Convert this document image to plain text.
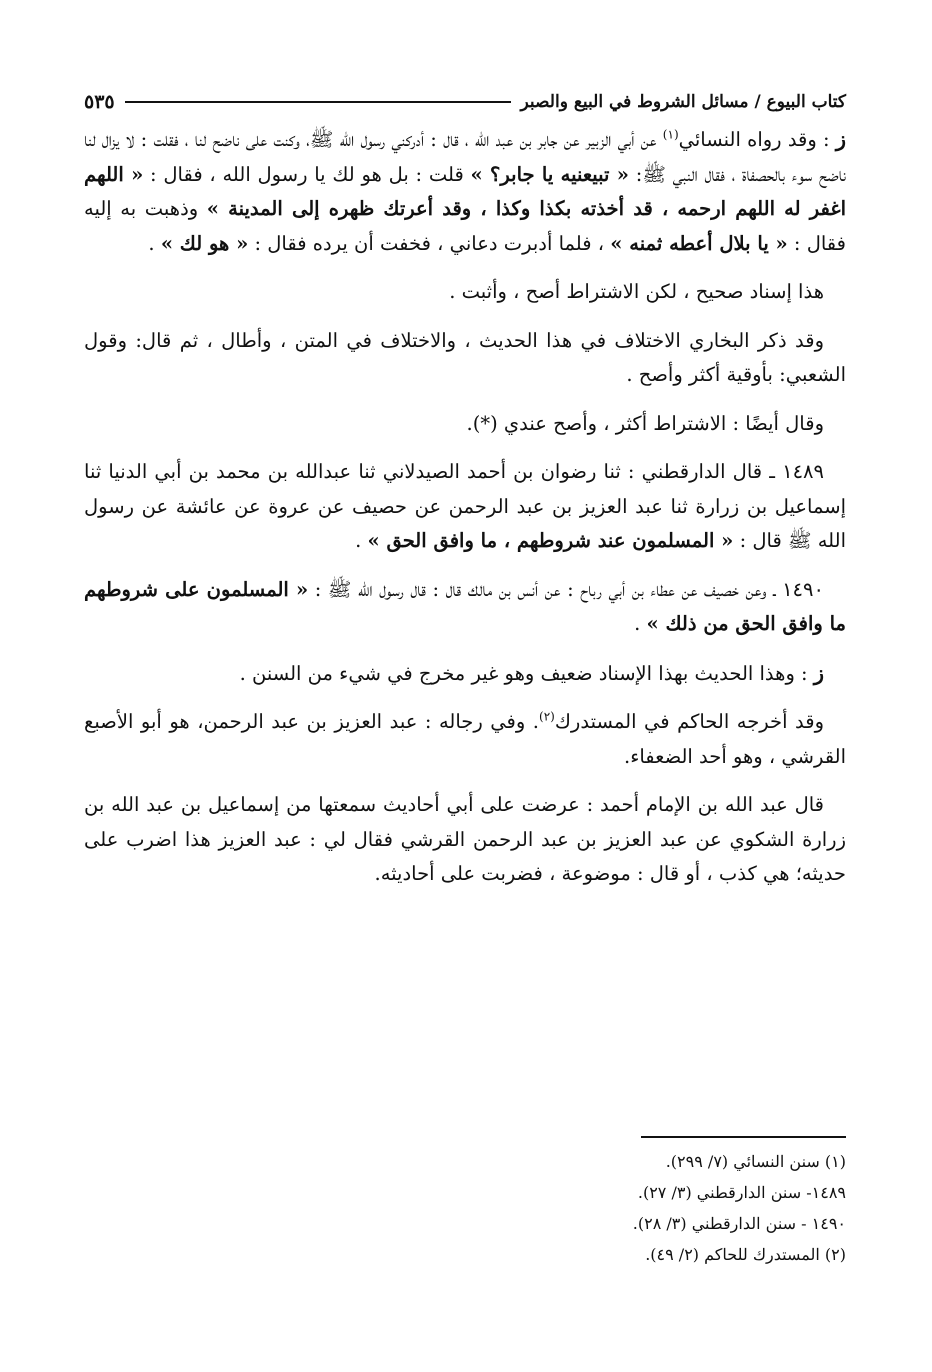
كتاب البيوع / مسائل الشروط في البيع والصبر
٥٣٥

ز : وقد رواه النسائي$^{(١)}$ عن أبي الزبير عن جابر بن عبد الله ، قال : أدركني رسول الله ﷺ، وكنت على ناضح لنا ، فقلت : لا يزال لنا ناضح سوء بالحصفاة ، فقال النبي ﷺ: « تبيعنيه يا جابر؟ » قلت : بل هو لك يا رسول الله ، فقال : « اللهم اغفر له اللهم ارحمه ، قد أخذته بكذا وكذا ، وقد أعرتك ظهره إلى المدينة » وذهبت به إليه فقال : « يا بلال أعطه ثمنه » ، فلما أدبرت دعاني ، فخفت أن يرده فقال : « هو لك » .

هذا إسناد صحيح ، لكن الاشتراط أصح ، وأثبت .

وقد ذكر البخاري الاختلاف في هذا الحديث ، والاختلاف في المتن ، وأطال ، ثم قال: وقول الشعبي: بأوقية أكثر وأصح .

وقال أيضًا : الاشتراط أكثر ، وأصح عندي (*).

١٤٨٩ ـ قال الدارقطني : ثنا رضوان بن أحمد الصيدلاني ثنا عبدالله بن محمد بن أبي الدنيا ثنا إسماعيل بن زرارة ثنا عبد العزيز بن عبد الرحمن عن حصيف عن عروة عن عائشة عن رسول الله ﷺ قال : « المسلمون عند شروطهم ، ما وافق الحق » .

١٤٩٠ ـ وعن خصيف عن عطاء بن أبي رباح : عن أنس بن مالك قال : قال رسول الله ﷺ : « المسلمون على شروطهم ما وافق الحق من ذلك » .

ز : وهذا الحديث بهذا الإسناد ضعيف وهو غير مخرج في شيء من السنن .

وقد أخرجه الحاكم في المستدرك$^{(٢)}$. وفي رجاله : عبد العزيز بن عبد الرحمن، هو أبو الأصبع القرشي ، وهو أحد الضعفاء.

قال عبد الله بن الإمام أحمد : عرضت على أبي أحاديث سمعتها من إسماعيل بن عبد الله بن زرارة الشكوي عن عبد العزيز بن عبد الرحمن القرشي فقال لي : عبد العزيز هذا اضرب على حديثه؛ هي كذب ، أو قال : موضوعة ، فضربت على أحاديثه.

(١) سنن النسائي (٧/ ٢٩٩).
١٤٨٩- سنن الدارقطني (٣/ ٢٧).
١٤٩٠ - سنن الدارقطني (٣/ ٢٨).
(٢) المستدرك للحاكم (٢/ ٤٩).
